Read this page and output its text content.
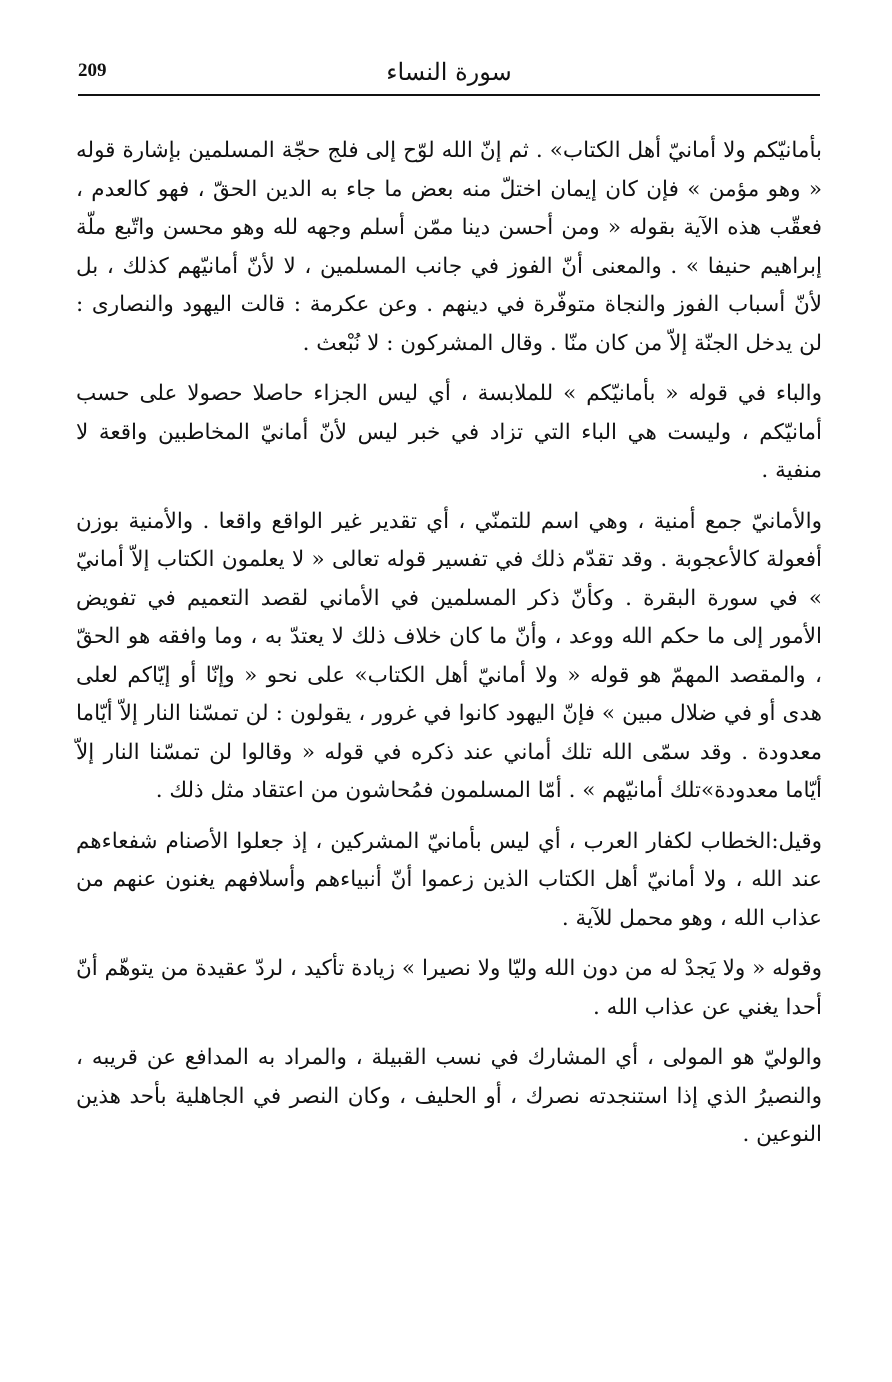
209	سورة النساء

بأمانيّكم ولا أمانيّ أهل الكتاب» . ثم إنّ الله لوّح إلى فلج حجّة المسلمين بإشارة قوله « وهو مؤمن » فإن كان إيمان اختلّ منه بعض ما جاء به الدين الحقّ ، فهو كالعدم ، فعقّب هذه الآية بقوله « ومن أحسن دينا ممّن أسلم وجهه لله وهو محسن واتّبع ملّة إبراهيم حنيفا » . والمعنى أنّ الفوز في جانب المسلمين ، لا لأنّ أمانيّهم كذلك ، بل لأنّ أسباب الفوز والنجاة متوفّرة في دينهم . وعن عكرمة : قالت اليهود والنصارى : لن يدخل الجنّة إلاّ من كان منّا . وقال المشركون : لا نُبْعث .

والباء في قوله « بأمانيّكم » للملابسة ، أي ليس الجزاء حاصلا حصولا على حسب أمانيّكم ، وليست هي الباء التي تزاد في خبر ليس لأنّ أمانيّ المخاطبين واقعة لا منفية .

والأمانيّ جمع أمنية ، وهي اسم للتمنّي ، أي تقدير غير الواقع واقعا . والأمنية بوزن أفعولة كالأعجوبة . وقد تقدّم ذلك في تفسير قوله تعالى « لا يعلمون الكتاب إلاّ أمانيّ » في سورة البقرة . وكأنّ ذكر المسلمين في الأماني لقصد التعميم في تفويض الأمور إلى ما حكم الله ووعد ، وأنّ ما كان خلاف ذلك لا يعتدّ به ، وما وافقه هو الحقّ ، والمقصد المهمّ هو قوله « ولا أمانيّ أهل الكتاب» على نحو « وإنّا أو إيّاكم لعلى هدى أو في ضلال مبين » فإنّ اليهود كانوا في غرور ، يقولون : لن تمسّنا النار إلاّ أيّاما معدودة . وقد سمّى الله تلك أماني عند ذكره في قوله « وقالوا لن تمسّنا النار إلاّ أيّاما معدودة»تلك أمانيّهم » . أمّا المسلمون فمُحاشون من اعتقاد مثل ذلك .

وقيل:الخطاب لكفار العرب ، أي ليس بأمانيّ المشركين ، إذ جعلوا الأصنام شفعاءهم عند الله ، ولا أمانيّ أهل الكتاب الذين زعموا أنّ أنبياءهم وأسلافهم يغنون عنهم من عذاب الله ، وهو محمل للآية .

وقوله « ولا يَجدْ له من دون الله وليّا ولا نصيرا » زيادة تأكيد ، لردّ عقيدة من يتوهّم أنّ أحدا يغني عن عذاب الله .

والوليّ هو المولى ، أي المشارك في نسب القبيلة ، والمراد به المدافع عن قريبه ، والنصيرُ الذي إذا استنجدته نصرك ، أو الحليف ، وكان النصر في الجاهلية بأحد هذين النوعين .
